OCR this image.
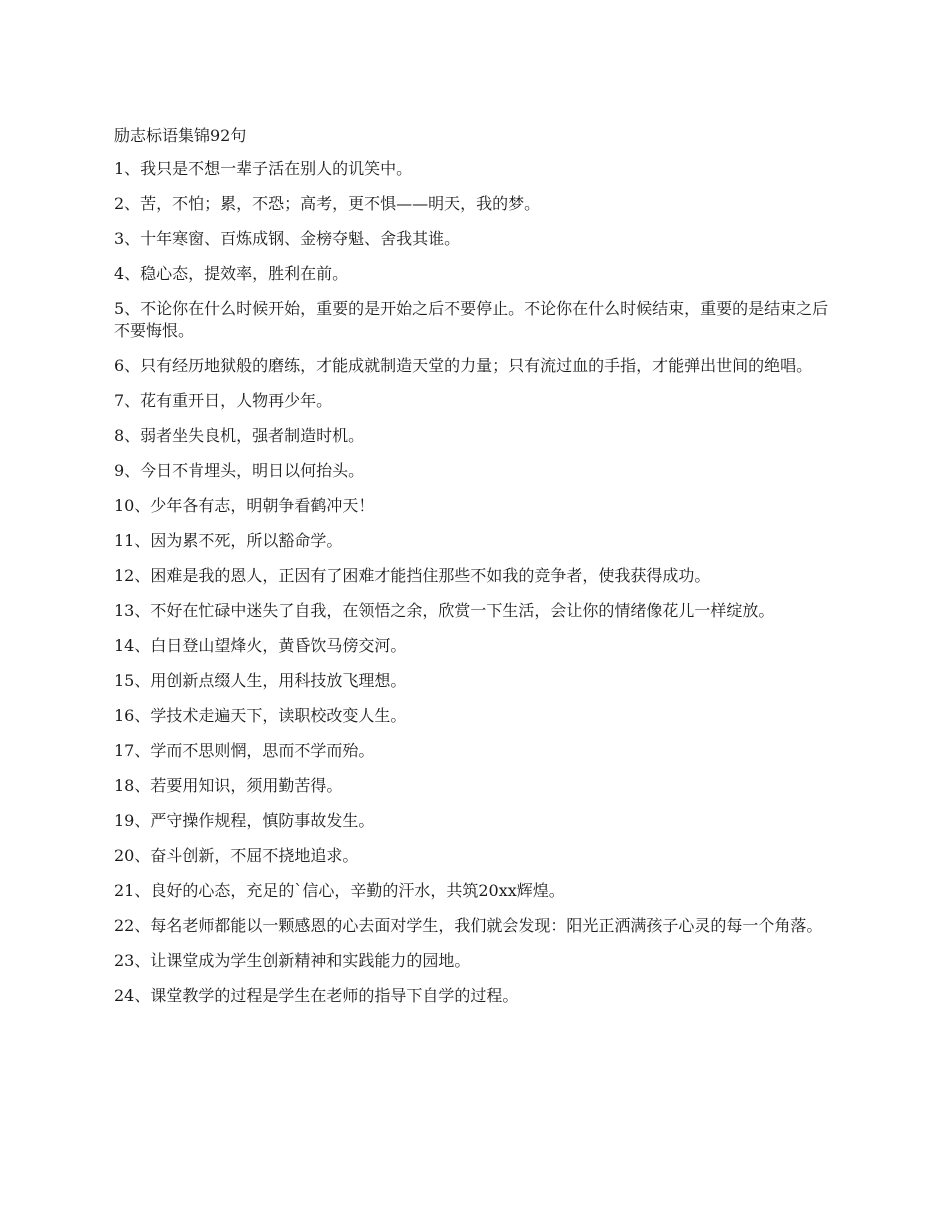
励志标语集锦92句
1、我只是不想一辈子活在别人的讥笑中。
2、苦，不怕；累，不恐；高考，更不惧——明天，我的梦。
3、十年寒窗、百炼成钢、金榜夺魁、舍我其谁。
4、稳心态，提效率，胜利在前。
5、不论你在什么时候开始，重要的是开始之后不要停止。不论你在什么时候结束，重要的是结束之后不要悔恨。
6、只有经历地狱般的磨练，才能成就制造天堂的力量；只有流过血的手指，才能弹出世间的绝唱。
7、花有重开日，人物再少年。
8、弱者坐失良机，强者制造时机。
9、今日不肯埋头，明日以何抬头。
10、少年各有志，明朝争看鹤冲天！
11、因为累不死，所以豁命学。
12、困难是我的恩人，正因有了困难才能挡住那些不如我的竞争者，使我获得成功。
13、不好在忙碌中迷失了自我，在领悟之余，欣赏一下生活，会让你的情绪像花儿一样绽放。
14、白日登山望烽火，黄昏饮马傍交河。
15、用创新点缀人生，用科技放飞理想。
16、学技术走遍天下，读职校改变人生。
17、学而不思则惘，思而不学而殆。
18、若要用知识，须用勤苦得。
19、严守操作规程，慎防事故发生。
20、奋斗创新，不屈不挠地追求。
21、良好的心态，充足的`信心，辛勤的汗水，共筑20xx辉煌。
22、每名老师都能以一颗感恩的心去面对学生，我们就会发现：阳光正洒满孩子心灵的每一个角落。
23、让课堂成为学生创新精神和实践能力的园地。
24、课堂教学的过程是学生在老师的指导下自学的过程。
